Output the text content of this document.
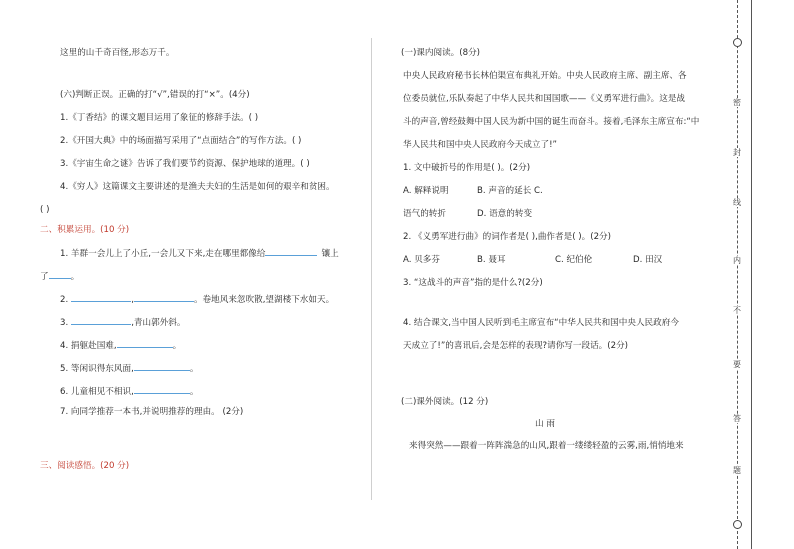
这里的山千奇百怪,形态万千。
(六)判断正误。正确的打“√”,错误的打“×”。(4分)
1.《丁香结》的课文题目运用了象征的修辞手法。( )
2.《开国大典》中的场面描写采用了“点面结合”的写作方法。( )
3.《宇宙生命之谜》告诉了我们要节约资源、保护地球的道理。( )
4.《穷人》这篇课文主要讲述的是渔夫夫妇的生活是如何的艰辛和贫困。
( )
二、积累运用。(10 分)
1. 羊群一会儿上了小丘,一会儿又下来,走在哪里都像给	镶上
了	。
2.	,	。卷地风来忽吹散,望湖楼下水如天。
3.	,青山郭外斜。
4. 捐躯赴国难,	。
5. 等闲识得东风面,	。
6. 儿童相见不相识,	。
7. 向同学推荐一本书,并说明推荐的理由。 (2分)
三、阅读感悟。(20 分)
(一)课内阅读。(8分)
中央人民政府秘书长林伯渠宣布典礼开始。中央人民政府主席、副主席、各
位委员就位,乐队奏起了中华人民共和国国歌——《义勇军进行曲》。这是战
斗的声音,曾经鼓舞中国人民为新中国的诞生而奋斗。接着,毛泽东主席宣布:“中
华人民共和国中央人民政府今天成立了!”
1. 文中破折号的作用是( )。(2分)
A. 解释说明	B. 声音的延长 C.
语气的转折	D. 语意的转变
2. 《义勇军进行曲》的词作者是( ),曲作者是( )。(2分)
A. 贝多芬	B. 聂耳	C. 纪伯伦	D. 田汉
3. “这战斗的声音”指的是什么?(2分)
4. 结合课文,当中国人民听到毛主席宣布“中华人民共和国中央人民政府今
天成立了!”的喜讯后,会是怎样的表现?请你写一段话。(2分)
(二)课外阅读。(12 分)
山 雨
来得突然——跟着一阵阵湍急的山风,跟着一缕缕轻盈的云雾,雨,悄悄地来
密
封
线
内
不
要
答
题
